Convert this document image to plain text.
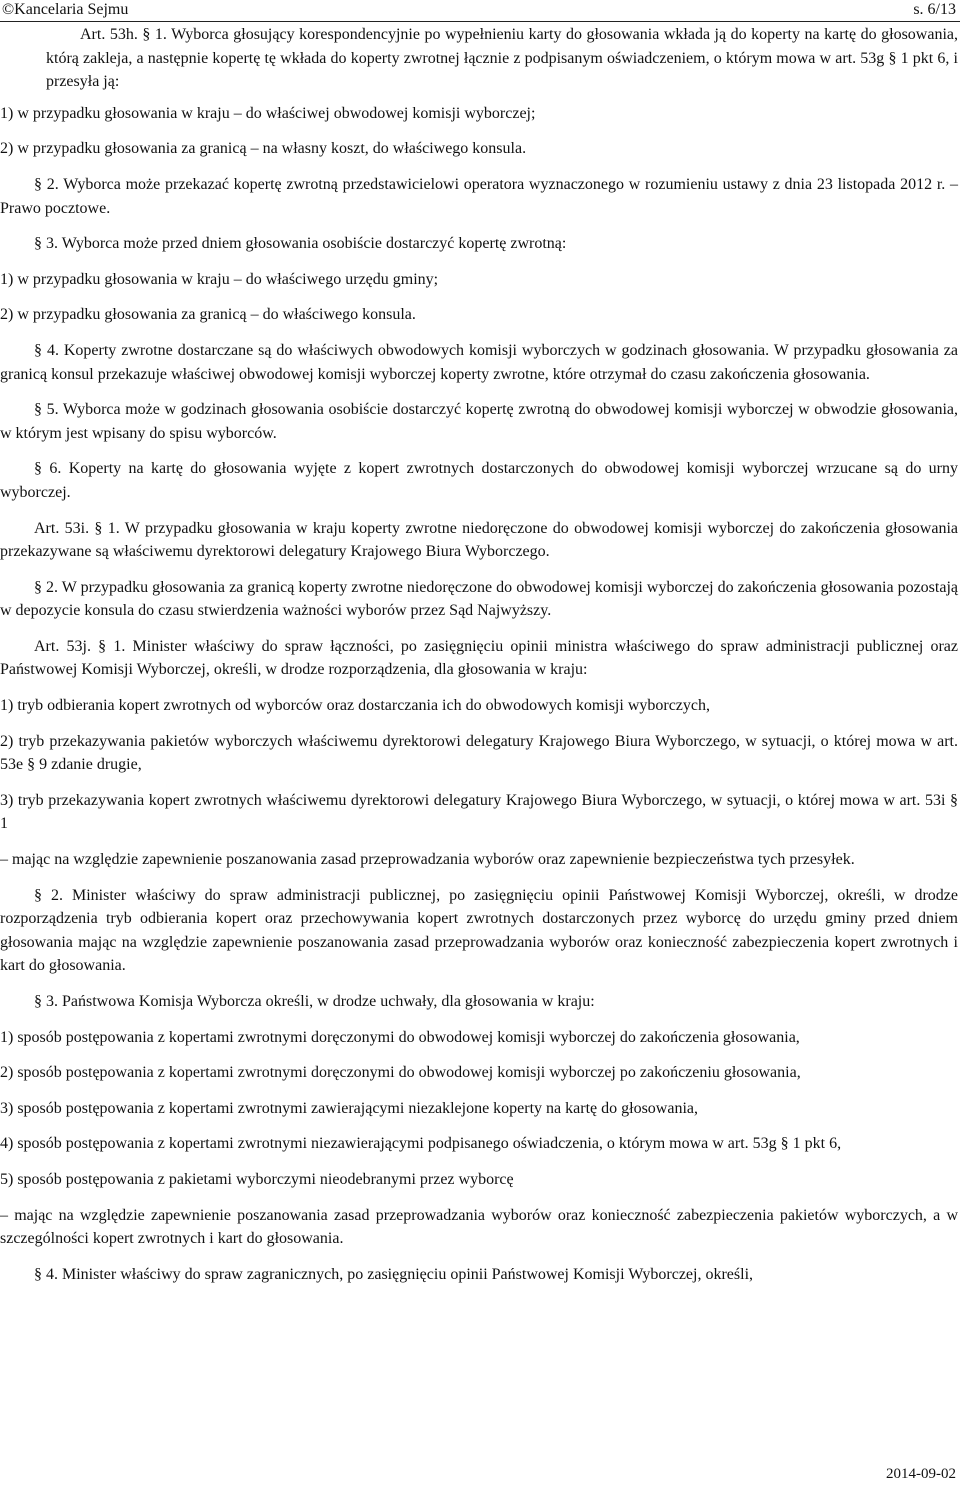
©Kancelaria Sejmu	s. 6/13

Art. 53h. § 1. Wyborca głosujący korespondencyjnie po wypełnieniu karty do głosowania wkłada ją do koperty na kartę do głosowania, którą zakleja, a następnie kopertę tę wkłada do koperty zwrotnej łącznie z podpisanym oświadczeniem, o którym mowa w art. 53g § 1 pkt 6, i przesyła ją:

1) w przypadku głosowania w kraju – do właściwej obwodowej komisji wyborczej;

2) w przypadku głosowania za granicą – na własny koszt, do właściwego konsula.

§ 2. Wyborca może przekazać kopertę zwrotną przedstawicielowi operatora wyznaczonego w rozumieniu ustawy z dnia 23 listopada 2012 r. – Prawo pocztowe.

§ 3. Wyborca może przed dniem głosowania osobiście dostarczyć kopertę zwrotną:

1) w przypadku głosowania w kraju – do właściwego urzędu gminy;

2) w przypadku głosowania za granicą – do właściwego konsula.

§ 4. Koperty zwrotne dostarczane są do właściwych obwodowych komisji wyborczych w godzinach głosowania. W przypadku głosowania za granicą konsul przekazuje właściwej obwodowej komisji wyborczej koperty zwrotne, które otrzymał do czasu zakończenia głosowania.

§ 5. Wyborca może w godzinach głosowania osobiście dostarczyć kopertę zwrotną do obwodowej komisji wyborczej w obwodzie głosowania, w którym jest wpisany do spisu wyborców.

§ 6. Koperty na kartę do głosowania wyjęte z kopert zwrotnych dostarczonych do obwodowej komisji wyborczej wrzucane są do urny wyborczej.

Art. 53i. § 1. W przypadku głosowania w kraju koperty zwrotne niedoręczone do obwodowej komisji wyborczej do zakończenia głosowania przekazywane są właściwemu dyrektorowi delegatury Krajowego Biura Wyborczego.

§ 2. W przypadku głosowania za granicą koperty zwrotne niedoręczone do obwodowej komisji wyborczej do zakończenia głosowania pozostają w depozycie konsula do czasu stwierdzenia ważności wyborów przez Sąd Najwyższy.

Art. 53j. § 1. Minister właściwy do spraw łączności, po zasięgnięciu opinii ministra właściwego do spraw administracji publicznej oraz Państwowej Komisji Wyborczej, określi, w drodze rozporządzenia, dla głosowania w kraju:

1) tryb odbierania kopert zwrotnych od wyborców oraz dostarczania ich do obwodowych komisji wyborczych,

2) tryb przekazywania pakietów wyborczych właściwemu dyrektorowi delegatury Krajowego Biura Wyborczego, w sytuacji, o której mowa w art. 53e § 9 zdanie drugie,

3) tryb przekazywania kopert zwrotnych właściwemu dyrektorowi delegatury Krajowego Biura Wyborczego, w sytuacji, o której mowa w art. 53i § 1

– mając na względzie zapewnienie poszanowania zasad przeprowadzania wyborów oraz zapewnienie bezpieczeństwa tych przesyłek.

§ 2. Minister właściwy do spraw administracji publicznej, po zasięgnięciu opinii Państwowej Komisji Wyborczej, określi, w drodze rozporządzenia tryb odbierania kopert oraz przechowywania kopert zwrotnych dostarczonych przez wyborcę do urzędu gminy przed dniem głosowania mając na względzie zapewnienie poszanowania zasad przeprowadzania wyborów oraz konieczność zabezpieczenia kopert zwrotnych i kart do głosowania.

§ 3. Państwowa Komisja Wyborcza określi, w drodze uchwały, dla głosowania w kraju:

1) sposób postępowania z kopertami zwrotnymi doręczonymi do obwodowej komisji wyborczej do zakończenia głosowania,

2) sposób postępowania z kopertami zwrotnymi doręczonymi do obwodowej komisji wyborczej po zakończeniu głosowania,

3) sposób postępowania z kopertami zwrotnymi zawierającymi niezaklejone koperty na kartę do głosowania,

4) sposób postępowania z kopertami zwrotnymi niezawierającymi podpisanego oświadczenia, o którym mowa w art. 53g § 1 pkt 6,

5) sposób postępowania z pakietami wyborczymi nieodebranymi przez wyborcę

– mając na względzie zapewnienie poszanowania zasad przeprowadzania wyborów oraz konieczność zabezpieczenia pakietów wyborczych, a w szczególności kopert zwrotnych i kart do głosowania.

§ 4. Minister właściwy do spraw zagranicznych, po zasięgnięciu opinii Państwowej Komisji Wyborczej, określi,

2014-09-02
